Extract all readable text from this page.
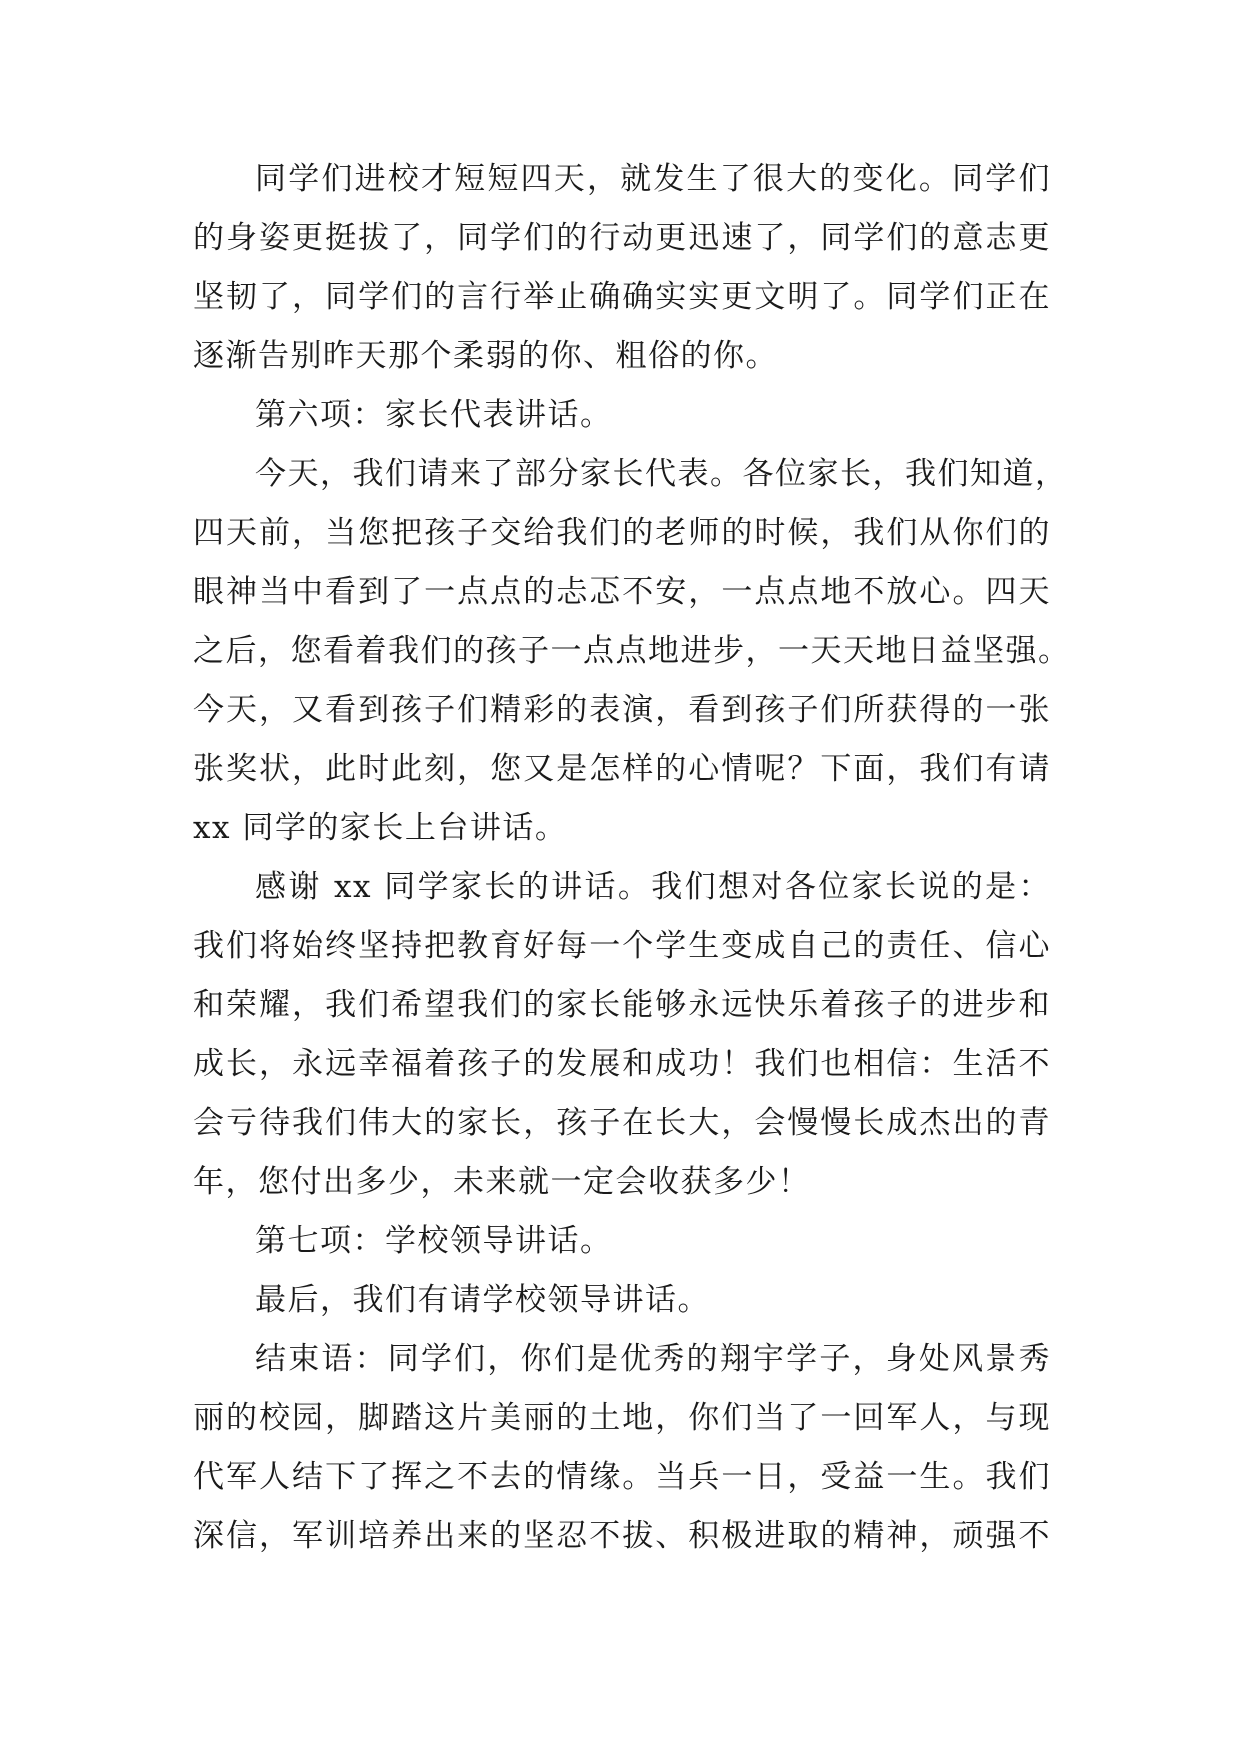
同学们进校才短短四天，就发生了很大的变化。同学们
的身姿更挺拔了，同学们的行动更迅速了，同学们的意志更
坚韧了，同学们的言行举止确确实实更文明了。同学们正在
逐渐告别昨天那个柔弱的你、粗俗的你。
第六项：家长代表讲话。
今天，我们请来了部分家长代表。各位家长，我们知道，
四天前，当您把孩子交给我们的老师的时候，我们从你们的
眼神当中看到了一点点的忐忑不安，一点点地不放心。四天
之后，您看着我们的孩子一点点地进步，一天天地日益坚强。
今天，又看到孩子们精彩的表演，看到孩子们所获得的一张
张奖状，此时此刻，您又是怎样的心情呢？下面，我们有请
xx 同学的家长上台讲话。
感谢 xx 同学家长的讲话。我们想对各位家长说的是：
我们将始终坚持把教育好每一个学生变成自己的责任、信心
和荣耀，我们希望我们的家长能够永远快乐着孩子的进步和
成长，永远幸福着孩子的发展和成功！我们也相信：生活不
会亏待我们伟大的家长，孩子在长大，会慢慢长成杰出的青
年，您付出多少，未来就一定会收获多少！
第七项：学校领导讲话。
最后，我们有请学校领导讲话。
结束语：同学们，你们是优秀的翔宇学子，身处风景秀
丽的校园，脚踏这片美丽的土地，你们当了一回军人，与现
代军人结下了挥之不去的情缘。当兵一日，受益一生。我们
深信，军训培养出来的坚忍不拔、积极进取的精神，顽强不
